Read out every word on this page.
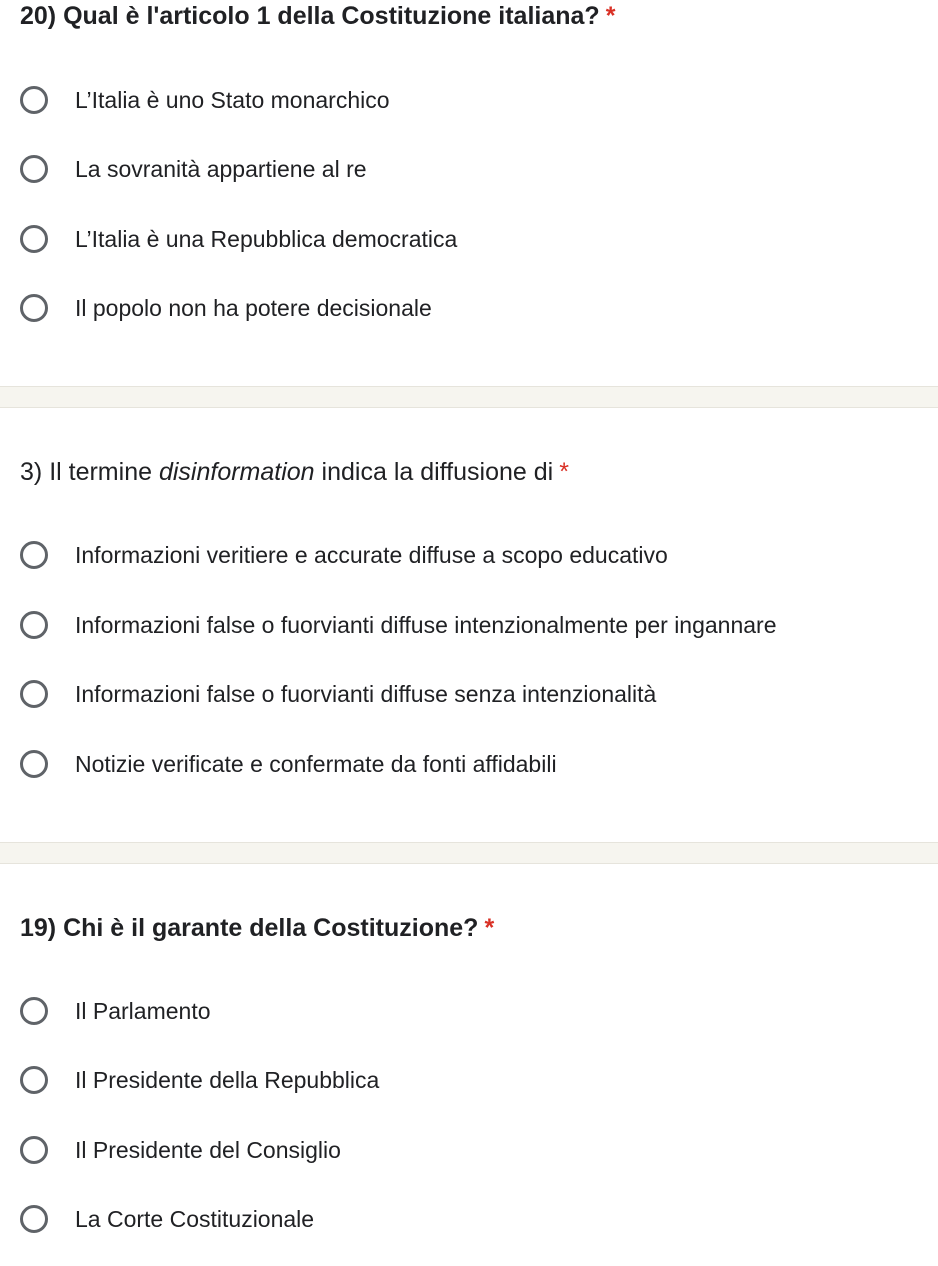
20) Qual è l'articolo 1 della Costituzione italiana? *
L’Italia è uno Stato monarchico
La sovranità appartiene al re
L’Italia è una Repubblica democratica
Il popolo non ha potere decisionale
3) Il termine disinformation indica la diffusione di *
Informazioni veritiere e accurate diffuse a scopo educativo
Informazioni false o fuorvianti diffuse intenzionalmente per ingannare
Informazioni false o fuorvianti diffuse senza intenzionalità
Notizie verificate e confermate da fonti affidabili
19) Chi è il garante della Costituzione? *
Il Parlamento
Il Presidente della Repubblica
Il Presidente del Consiglio
La Corte Costituzionale
